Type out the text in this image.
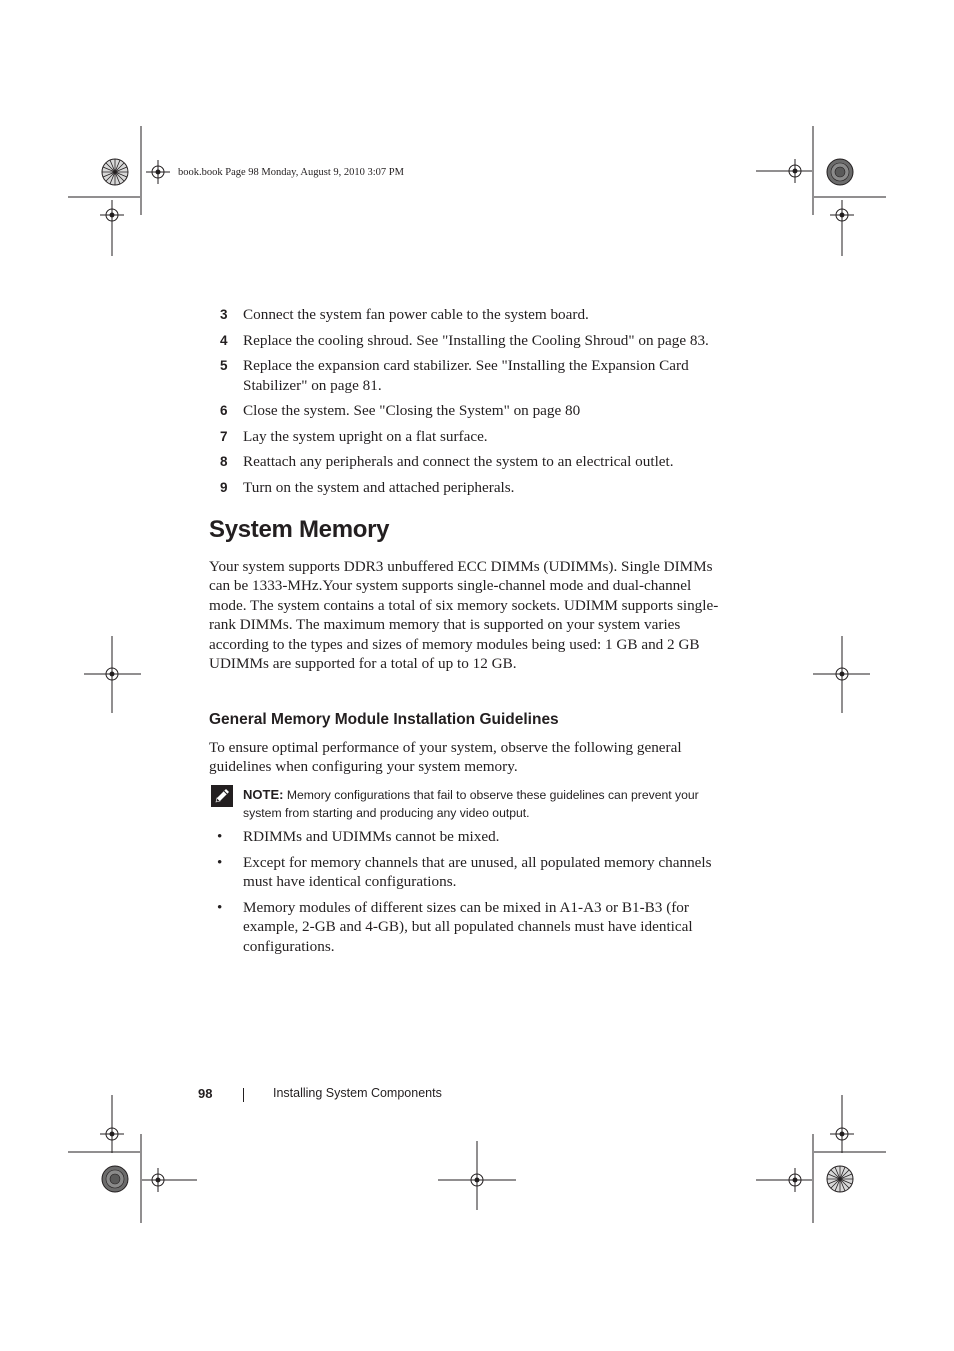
book.book Page 98 Monday, August 9, 2010 3:07 PM
3 Connect the system fan power cable to the system board.
4 Replace the cooling shroud. See "Installing the Cooling Shroud" on page 83.
5 Replace the expansion card stabilizer. See "Installing the Expansion Card Stabilizer" on page 81.
6 Close the system. See "Closing the System" on page 80
7 Lay the system upright on a flat surface.
8 Reattach any peripherals and connect the system to an electrical outlet.
9 Turn on the system and attached peripherals.
System Memory

Your system supports DDR3 unbuffered ECC DIMMs (UDIMMs). Single DIMMs can be 1333-MHz.Your system supports single-channel mode and dual-channel mode. The system contains a total of six memory sockets. UDIMM supports single-rank DIMMs. The maximum memory that is supported on your system varies according to the types and sizes of memory modules being used: 1 GB and 2 GB UDIMMs are supported for a total of up to 12 GB.

General Memory Module Installation Guidelines

To ensure optimal performance of your system, observe the following general guidelines when configuring your system memory.

NOTE: Memory configurations that fail to observe these guidelines can prevent your system from starting and producing any video output.
• RDIMMs and UDIMMs cannot be mixed.
• Except for memory channels that are unused, all populated memory channels must have identical configurations.
• Memory modules of different sizes can be mixed in A1-A3 or B1-B3 (for example, 2-GB and 4-GB), but all populated channels must have identical configurations.
98	Installing System Components
